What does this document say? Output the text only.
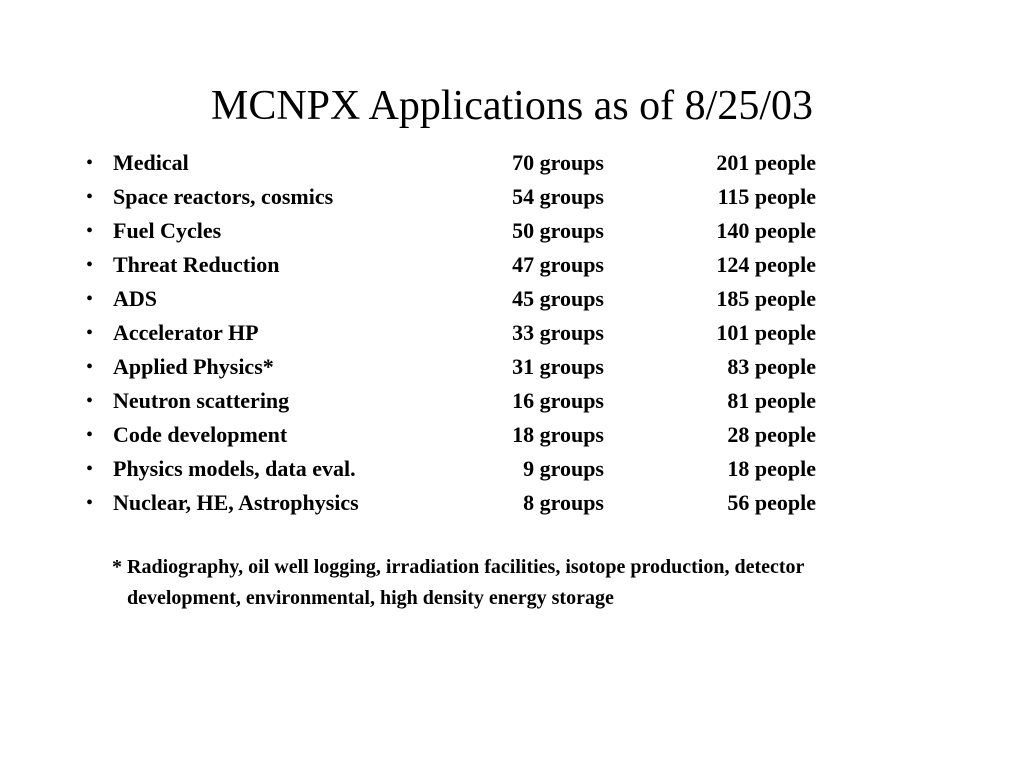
MCNPX Applications as of 8/25/03
• Medical	70 groups	201 people
• Space reactors, cosmics	54 groups	115 people
• Fuel Cycles	50 groups	140 people
• Threat Reduction	47 groups	124 people
• ADS	45 groups	185 people
• Accelerator HP	33 groups	101 people
• Applied Physics*	31 groups	83 people
• Neutron scattering	16 groups	81 people
• Code development	18 groups	28 people
• Physics models, data eval.	9 groups	18 people
• Nuclear, HE, Astrophysics	8 groups	56 people
* Radiography, oil well logging, irradiation facilities, isotope production, detector

development, environmental, high density energy storage
